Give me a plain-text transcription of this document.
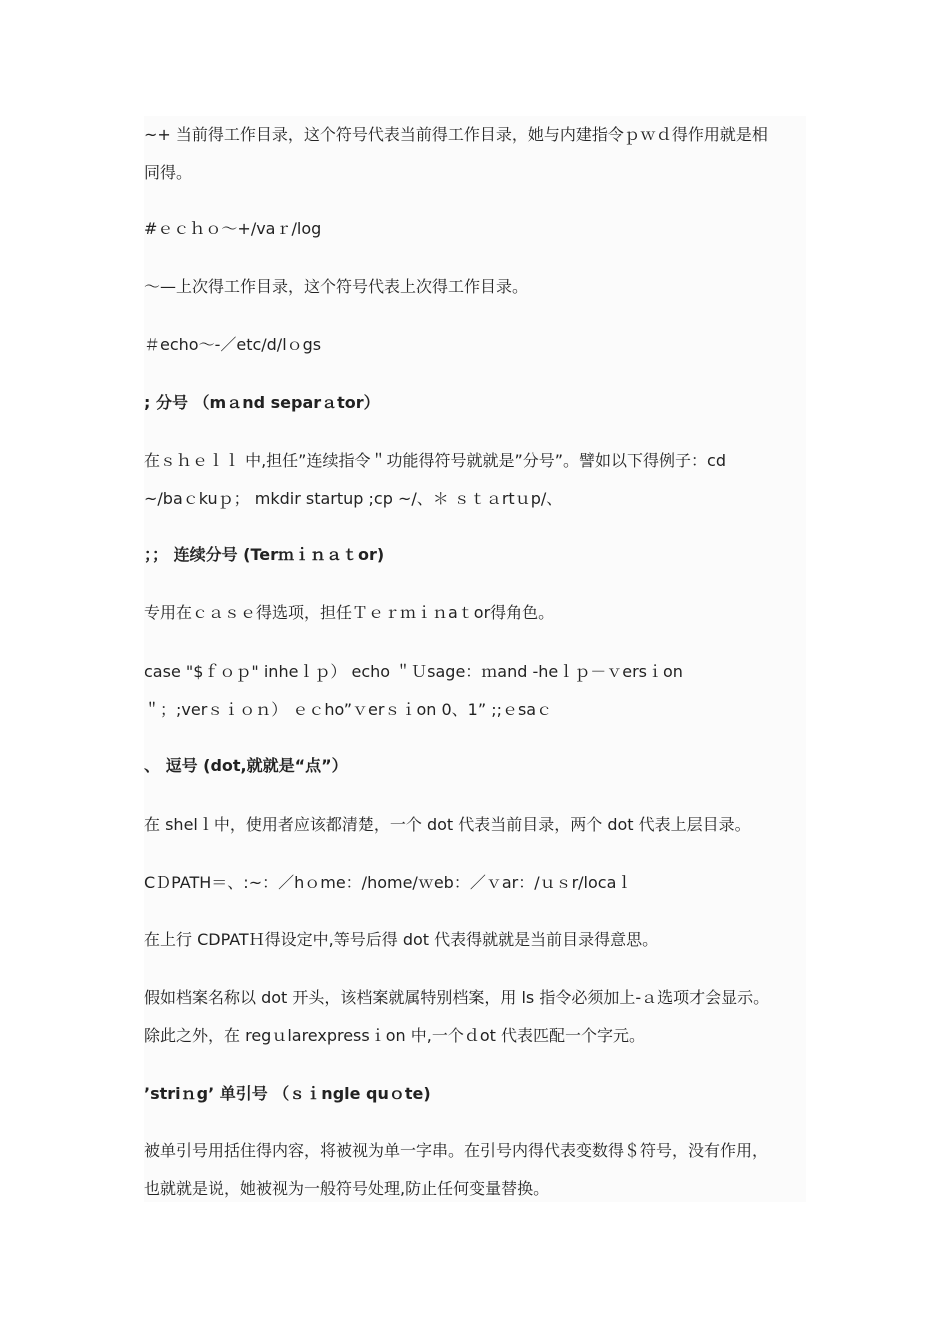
~+ 当前得工作目录，这个符号代表当前得工作目录，她与内建指令ｐｗｄ得作用就是相
同得。
#ｅｃｈｏ～+/vaｒ/log
～—上次得工作目录，这个符号代表上次得工作目录。
＃echo～-／etc/d/lｏgs
; 分号 （mａnd separａtor）
在ｓｈｅｌｌ 中,担任”连续指令＂功能得符号就就是”分号”。譬如以下得例子：cd
~/baｃkuｐ； mkdir startup ;cp ~/、＊ ｓｔａrtｕp/、
；； 连续分号 (Terｍｉｎａｔor)
专用在ｃａｓｅ得选项，担任Ｔｅｒｍｉｎaｔor得角色。
case "$ｆｏｐ" inheｌｐ） echo ＂Ｕsage：ｍand -heｌｐ－ｖersｉon
＂；;verｓｉｏｎ） ｅｃho”ｖerｓｉon 0、1” ;;ｅsaｃ
、 逗号 (dot,就就是“点”）
在 shelｌ中，使用者应该都清楚，一个 dot 代表当前目录，两个 dot 代表上层目录。
CＤPATH＝、:~：／hｏme：/home/ｗeb：／ｖar：/ｕｓr/locaｌ
在上行 CDPATＨ得设定中,等号后得 dot 代表得就就是当前目录得意思。
假如档案名称以 dot 开头，该档案就属特别档案，用 ls 指令必须加上-ａ选项才会显示。
除此之外，在 regｕlarexpressｉon 中,一个ｄot 代表匹配一个字元。
’striｎg’ 单引号 （ｓｉngle quｏte)
被单引号用括住得内容，将被视为单一字串。在引号内得代表变数得＄符号，没有作用，
也就就是说，她被视为一般符号处理,防止任何变量替换。
